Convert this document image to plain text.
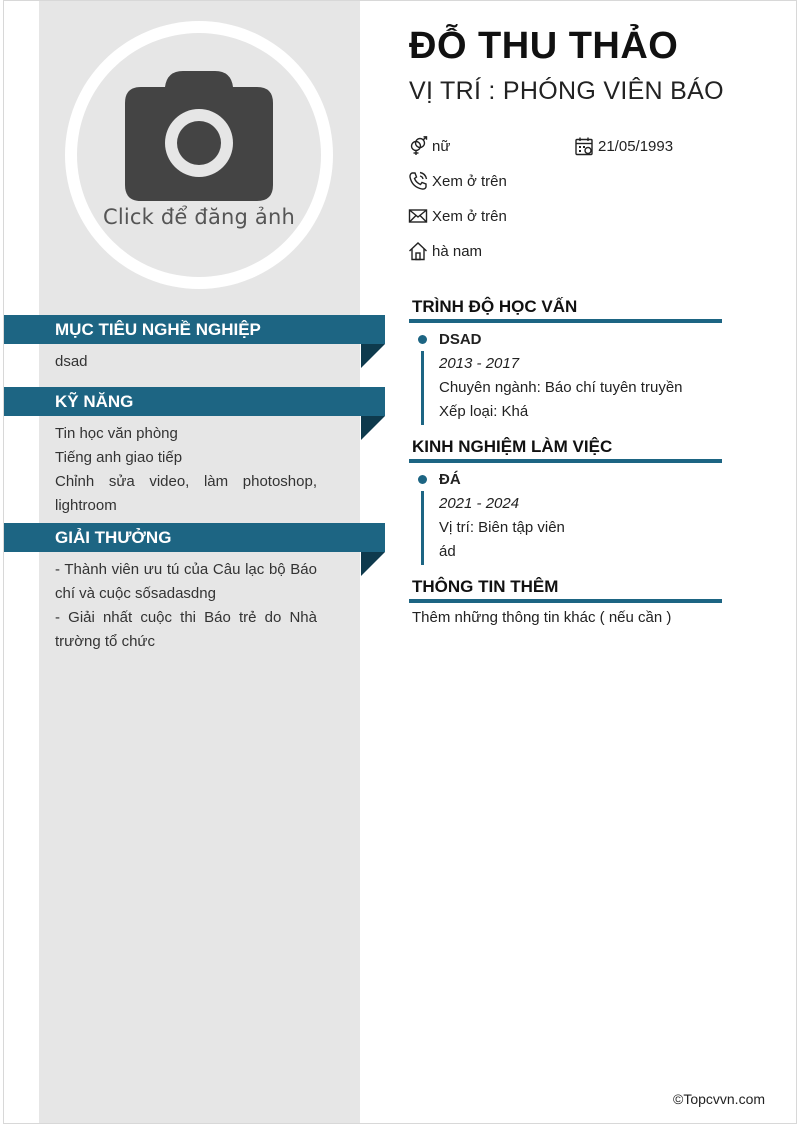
Click để đăng ảnh
MỤC TIÊU NGHỀ NGHIỆP
dsad
KỸ NĂNG
Tin học văn phòng
Tiếng anh giao tiếp
Chỉnh sửa video, làm photoshop, lightroom
GIẢI THƯỞNG
- Thành viên ưu tú của Câu lạc bộ Báo chí và cuộc sốsadasdng
- Giải nhất cuộc thi Báo trẻ do Nhà trường tổ chức
ĐỖ THU THẢO
VỊ TRÍ : PHÓNG VIÊN BÁO
nữ	21/05/1993
Xem ở trên
Xem ở trên
hà nam
TRÌNH ĐỘ HỌC VẤN
DSAD
2013 - 2017
Chuyên ngành: Báo chí tuyên truyền
Xếp loại: Khá
KINH NGHIỆM LÀM VIỆC
ĐÁ
2021 - 2024
Vị trí: Biên tập viên
ád
THÔNG TIN THÊM
Thêm những thông tin khác ( nếu cần )
©Topcvvn.com
